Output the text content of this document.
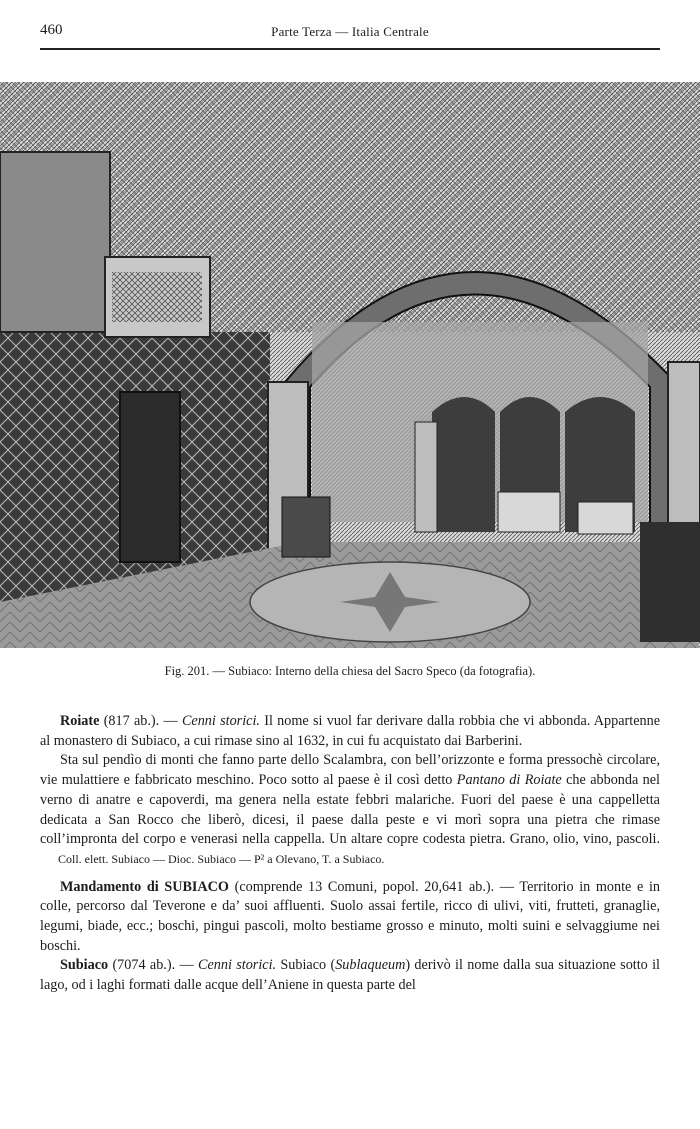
460	Parte Terza — Italia Centrale
Fig. 201. — Subiaco: Interno della chiesa del Sacro Speco (da fotografia).

Roiate (817 ab.). — Cenni storici. Il nome si vuol far derivare dalla robbia che vi abbonda. Appartenne al monastero di Subiaco, a cui rimase sino al 1632, in cui fu acquistato dai Barberini.

Sta sul pendìo di monti che fanno parte dello Scalambra, con bell’orizzonte e forma pressochè circolare, vie mulattiere e fabbricato meschino. Poco sotto al paese è il così detto Pantano di Roiate che abbonda nel verno di anatre e capoverdi, ma genera nella estate febbri malariche. Fuori del paese è una cappelletta dedicata a San Rocco che liberò, dicesi, il paese dalla peste e vi morì sopra una pietra che rimase coll’impronta del corpo e venerasi nella cappella. Un altare copre codesta pietra. Grano, olio, vino, pascoli. Coll. elett. Subiaco — Dioc. Subiaco — P² a Olevano, T. a Subiaco.

Mandamento di SUBIACO (comprende 13 Comuni, popol. 20,641 ab.). — Territorio in monte e in colle, percorso dal Teverone e da’ suoi affluenti. Suolo assai fertile, ricco di ulivi, viti, frutteti, granaglie, legumi, biade, ecc.; boschi, pingui pascoli, molto bestiame grosso e minuto, molti suini e selvaggiume nei boschi.

Subiaco (7074 ab.). — Cenni storici. Subiaco (Sublaqueum) derivò il nome dalla sua situazione sotto il lago, od i laghi formati dalle acque dell’Aniene in questa parte del
